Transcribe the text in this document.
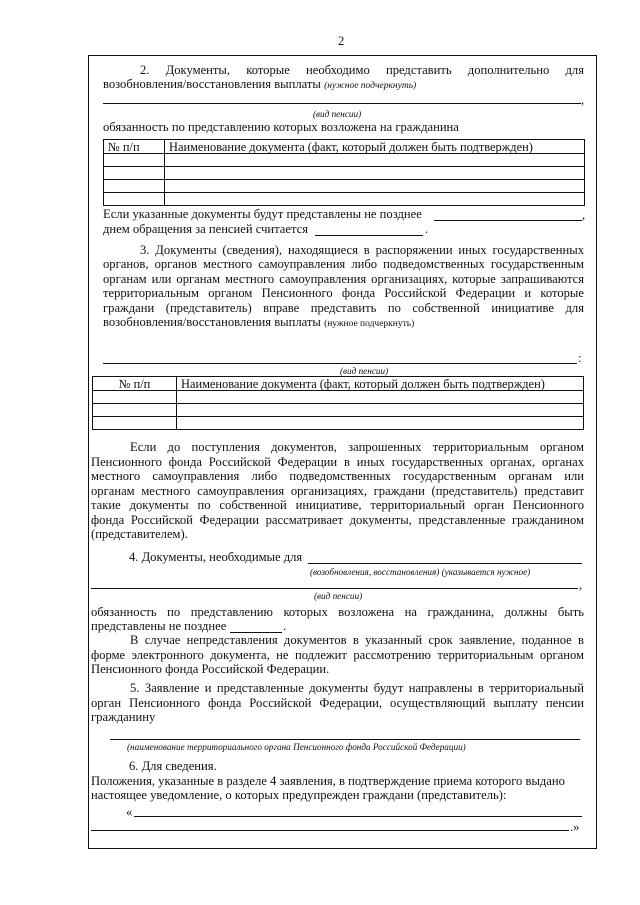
2
2. Документы, которые необходимо представить дополнительно для
возобновления/восстановления выплаты (нужное подчеркнуть)
,
(вид пенсии)
обязанность по представлению которых возложена на гражданина
№ п/п	Наименование документа (факт, который должен быть подтвержден)

Если указанные документы будут представлены не позднее	,
днем обращения за пенсией считается	.
3. Документы (сведения), находящиеся в распоряжении иных государственных
органов, органов местного самоуправления либо подведомственных государственным
органам или органам местного самоуправления организациях, которые запрашиваются
территориальным органом Пенсионного фонда Российской Федерации и которые
граждани (представитель) вправе представить по собственной инициативе для
возобновления/восстановления выплаты (нужное подчеркнуть)
:
(вид пенсии)
№ п/п	Наименование документа (факт, который должен быть подтвержден)

Если до поступления документов, запрошенных территориальным органом
Пенсионного фонда Российской Федерации в иных государственных органах, органах
местного самоуправления либо подведомственных государственным органам или
органам местного самоуправления организациях, граждани (представитель) представит
такие документы по собственной инициативе, территориальный орган Пенсионного
фонда Российской Федерации рассматривает документы, представленные гражданином
(представителем).
4. Документы, необходимые для
(возобновления, восстановления) (указывается нужное)
,
(вид пенсии)
обязанность по представлению которых возложена на гражданина, должны быть
представлены не позднее	.
В случае непредставления документов в указанный срок заявление, поданное в
форме электронного документа, не подлежит рассмотрению территориальным органом
Пенсионного фонда Российской Федерации.
5. Заявление и представленные документы будут направлены в территориальный
орган Пенсионного фонда Российской Федерации, осуществляющий выплату пенсии
гражданину
(наименование территориального органа Пенсионного фонда Российской Федерации)
6. Для сведения.
Положения, указанные в разделе 4 заявления, в подтверждение приема которого выдано
настоящее уведомление, о которых предупрежден граждани (представитель):
«
.»
